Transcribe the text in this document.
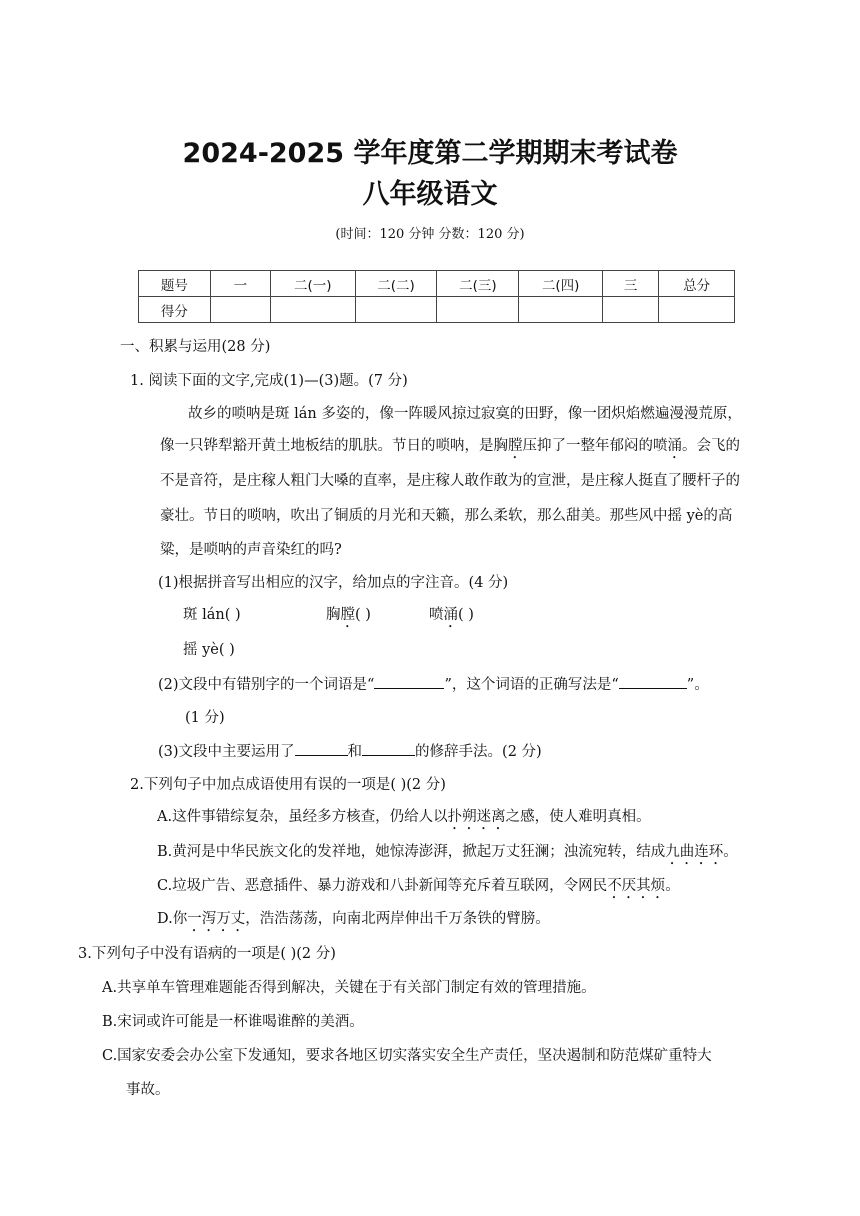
2024-2025 学年度第二学期期末考试卷
八年级语文
(时间：120 分钟 分数：120 分)
题号	一	二(一)	二(二)	二(三)	二(四)	三	总分
得分							
一、积累与运用(28 分)
1. 阅读下面的文字,完成(1)—(3)题。(7 分)
故乡的唢呐是斑 lán 多姿的，像一阵暖风掠过寂寞的田野，像一团炽焰燃遍漫漫荒原，
像一只铧犁豁开黄土地板结的肌肤。节日的唢呐，是胸膛压抑了一整年郁闷的喷涌。会飞的
不是音符，是庄稼人粗门大嗓的直率，是庄稼人敢作敢为的宣泄，是庄稼人挺直了腰杆子的
豪壮。节日的唢呐，吹出了铜质的月光和天籁，那么柔软，那么甜美。那些风中摇 yè的高
粱，是唢呐的声音染红的吗?
(1)根据拼音写出相应的汉字，给加点的字注音。(4 分)
斑 lán( )	胸膛( )	喷涌( )
摇 yè( )
(2)文段中有错别字的一个词语是“	”，这个词语的正确写法是“	”。
(1 分)
(3)文段中主要运用了	和	的修辞手法。(2 分)
2.下列句子中加点成语使用有误的一项是( )(2 分)
A.这件事错综复杂，虽经多方核查，仍给人以扑朔迷离之感，使人难明真相。
B.黄河是中华民族文化的发祥地，她惊涛澎湃，掀起万丈狂澜；浊流宛转，结成九曲连环。
C.垃圾广告、恶意插件、暴力游戏和八卦新闻等充斥着互联网，令网民不厌其烦。
D.你一泻万丈，浩浩荡荡，向南北两岸伸出千万条铁的臂膀。
3.下列句子中没有语病的一项是( )(2 分)
A.共享单车管理难题能否得到解决，关键在于有关部门制定有效的管理措施。
B.宋词或许可能是一杯谁喝谁醉的美酒。
C.国家安委会办公室下发通知，要求各地区切实落实安全生产责任，坚决遏制和防范煤矿重特大
事故。
